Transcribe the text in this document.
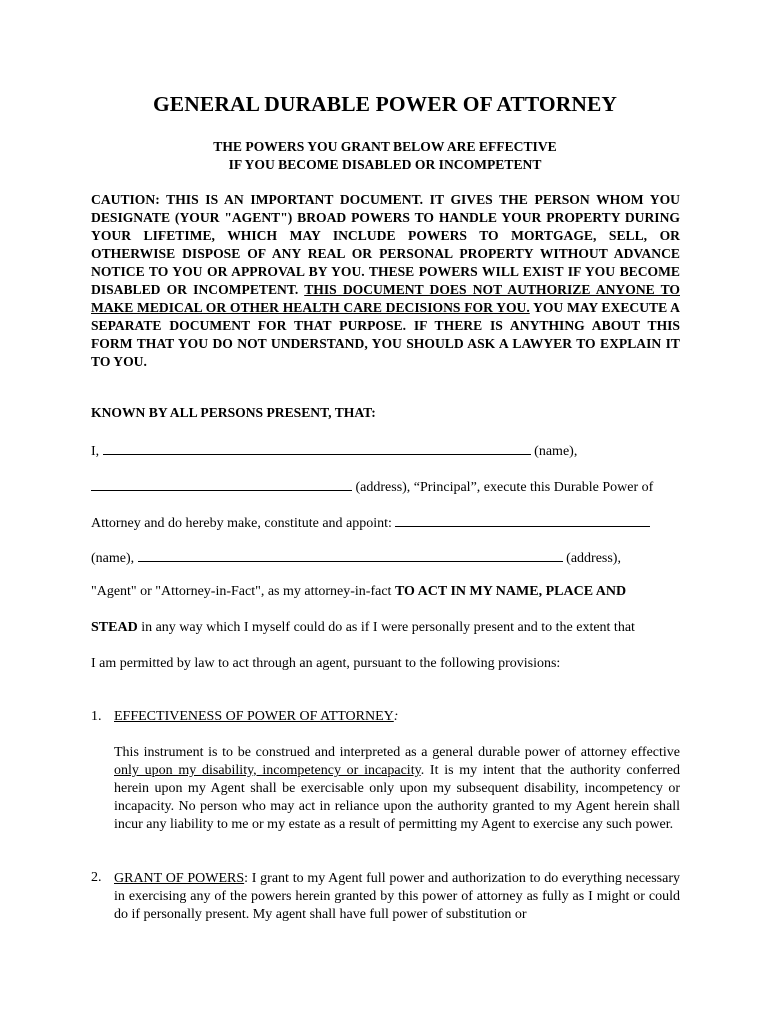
GENERAL DURABLE POWER OF ATTORNEY
THE POWERS YOU GRANT BELOW ARE EFFECTIVE
IF YOU BECOME DISABLED OR INCOMPETENT
CAUTION: THIS IS AN IMPORTANT DOCUMENT. IT GIVES THE PERSON WHOM YOU DESIGNATE (YOUR "AGENT") BROAD POWERS TO HANDLE YOUR PROPERTY DURING YOUR LIFETIME, WHICH MAY INCLUDE POWERS TO MORTGAGE, SELL, OR OTHERWISE DISPOSE OF ANY REAL OR PERSONAL PROPERTY WITHOUT ADVANCE NOTICE TO YOU OR APPROVAL BY YOU. THESE POWERS WILL EXIST IF YOU BECOME DISABLED OR INCOMPETENT. THIS DOCUMENT DOES NOT AUTHORIZE ANYONE TO MAKE MEDICAL OR OTHER HEALTH CARE DECISIONS FOR YOU. YOU MAY EXECUTE A SEPARATE DOCUMENT FOR THAT PURPOSE. IF THERE IS ANYTHING ABOUT THIS FORM THAT YOU DO NOT UNDERSTAND, YOU SHOULD ASK A LAWYER TO EXPLAIN IT TO YOU.
KNOWN BY ALL PERSONS PRESENT, THAT:
I,	(name),
(address), “Principal”, execute this Durable Power of
Attorney and do hereby make, constitute and appoint:
(name),	(address),
"Agent" or "Attorney-in-Fact", as my attorney-in-fact TO ACT IN MY NAME, PLACE AND
STEAD in any way which I myself could do as if I were personally present and to the extent that
I am permitted by law to act through an agent, pursuant to the following provisions:
1. EFFECTIVENESS OF POWER OF ATTORNEY:
This instrument is to be construed and interpreted as a general durable power of attorney effective only upon my disability, incompetency or incapacity. It is my intent that the authority conferred herein upon my Agent shall be exercisable only upon my subsequent disability, incompetency or incapacity. No person who may act in reliance upon the authority granted to my Agent herein shall incur any liability to me or my estate as a result of permitting my Agent to exercise any such power.
2. GRANT OF POWERS: I grant to my Agent full power and authorization to do everything necessary in exercising any of the powers herein granted by this power of attorney as fully as I might or could do if personally present. My agent shall have full power of substitution or
